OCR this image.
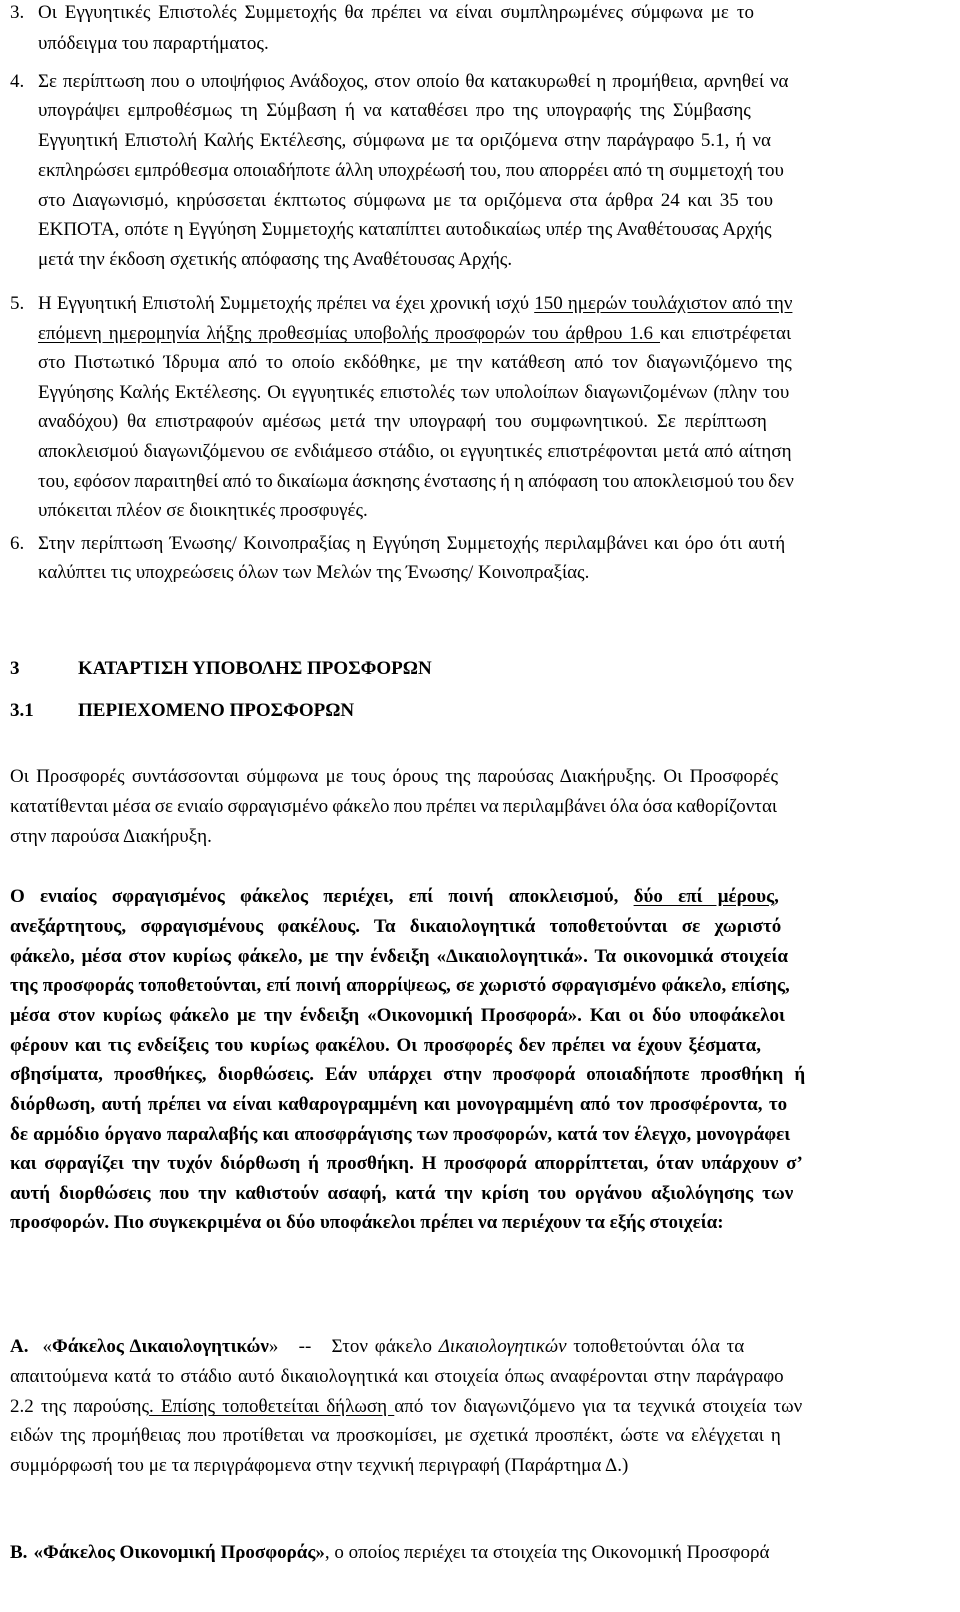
3. Οι Εγγυητικές Επιστολές Συμμετοχής θα πρέπει να είναι συμπληρωμένες σύμφωνα με το
υπόδειγμα του παραρτήματος.
4. Σε περίπτωση που ο υποψήφιος Ανάδοχος, στον οποίο θα κατακυρωθεί η προμήθεια, αρνηθεί να
υπογράψει εμπροθέσμως τη Σύμβαση ή να καταθέσει προ της υπογραφής της Σύμβασης
Εγγυητική Επιστολή Καλής Εκτέλεσης, σύμφωνα με τα οριζόμενα στην παράγραφο 5.1, ή να
εκπληρώσει εμπρόθεσμα οποιαδήποτε άλλη υποχρέωσή του, που απορρέει από τη συμμετοχή του
στο Διαγωνισμό, κηρύσσεται έκπτωτος σύμφωνα με τα οριζόμενα στα άρθρα 24 και 35 του
ΕΚΠΟΤΑ, οπότε η Εγγύηση Συμμετοχής καταπίπτει αυτοδικαίως υπέρ της Αναθέτουσας Αρχής
μετά την έκδοση σχετικής απόφασης της Αναθέτουσας Αρχής.
5. Η Εγγυητική Επιστολή Συμμετοχής πρέπει να έχει χρονική ισχύ 150 ημερών τουλάχιστον από την
επόμενη ημερομηνία λήξης προθεσμίας υποβολής προσφορών του άρθρου 1.6 και επιστρέφεται
στο Πιστωτικό Ίδρυμα από το οποίο εκδόθηκε, με την κατάθεση από τον διαγωνιζόμενο της
Εγγύησης Καλής Εκτέλεσης. Οι εγγυητικές επιστολές των υπολοίπων διαγωνιζομένων (πλην του
αναδόχου) θα επιστραφούν αμέσως μετά την υπογραφή του συμφωνητικού. Σε περίπτωση
αποκλεισμού διαγωνιζόμενου σε ενδιάμεσο στάδιο, οι εγγυητικές επιστρέφονται μετά από αίτηση
του, εφόσον παραιτηθεί από το δικαίωμα άσκησης ένστασης ή η απόφαση του αποκλεισμού του δεν
υπόκειται πλέον σε διοικητικές προσφυγές.
6. Στην περίπτωση Ένωσης/ Κοινοπραξίας η Εγγύηση Συμμετοχής περιλαμβάνει και όρο ότι αυτή
καλύπτει τις υποχρεώσεις όλων των Μελών της Ένωσης/ Κοινοπραξίας.
3	ΚΑΤΑΡΤΙΣΗ ΥΠΟΒΟΛΗΣ ΠΡΟΣΦΟΡΩΝ
3.1 ΠΕΡΙΕΧΟΜΕΝΟ ΠΡΟΣΦΟΡΩΝ
Οι Προσφορές συντάσσονται σύμφωνα με τους όρους της παρούσας Διακήρυξης. Οι Προσφορές
κατατίθενται μέσα σε ενιαίο σφραγισμένο φάκελο που πρέπει να περιλαμβάνει όλα όσα καθορίζονται
στην παρούσα Διακήρυξη.
Ο ενιαίος σφραγισμένος φάκελος περιέχει, επί ποινή αποκλεισμού, δύο επί μέρους,
ανεξάρτητους, σφραγισμένους φακέλους. Τα δικαιολογητικά τοποθετούνται σε χωριστό
φάκελο, μέσα στον κυρίως φάκελο, με την ένδειξη «Δικαιολογητικά». Τα οικονομικά στοιχεία
της προσφοράς τοποθετούνται, επί ποινή απορρίψεως, σε χωριστό σφραγισμένο φάκελο, επίσης,
μέσα στον κυρίως φάκελο με την ένδειξη «Οικονομική Προσφορά». Και οι δύο υποφάκελοι
φέρουν και τις ενδείξεις του κυρίως φακέλου. Οι προσφορές δεν πρέπει να έχουν ξέσματα,
σβησίματα, προσθήκες, διορθώσεις. Εάν υπάρχει στην προσφορά οποιαδήποτε προσθήκη ή
διόρθωση, αυτή πρέπει να είναι καθαρογραμμένη και μονογραμμένη από τον προσφέροντα, το
δε αρμόδιο όργανο παραλαβής και αποσφράγισης των προσφορών, κατά τον έλεγχο, μονογράφει
και σφραγίζει την τυχόν διόρθωση ή προσθήκη. Η προσφορά απορρίπτεται, όταν υπάρχουν σ’
αυτή διορθώσεις που την καθιστούν ασαφή, κατά την κρίση του οργάνου αξιολόγησης των
προσφορών. Πιο συγκεκριμένα οι δύο υποφάκελοι πρέπει να περιέχουν τα εξής στοιχεία:
Α. «Φάκελος Δικαιολογητικών»   --   Στον φάκελο Δικαιολογητικών τοποθετούνται όλα τα
απαιτούμενα κατά το στάδιο αυτό δικαιολογητικά και στοιχεία όπως αναφέρονται στην παράγραφο
2.2 της παρούσης. Επίσης τοποθετείται δήλωση από τον διαγωνιζόμενο για τα τεχνικά στοιχεία των
ειδών της προμήθειας που προτίθεται να προσκομίσει, με σχετικά προσπέκτ, ώστε να ελέγχεται η
συμμόρφωσή του με τα περιγράφομενα στην τεχνική περιγραφή (Παράρτημα Δ.)
Β. «Φάκελος Οικονομική Προσφοράς», ο οποίος περιέχει τα στοιχεία της Οικονομική Προσφορά
